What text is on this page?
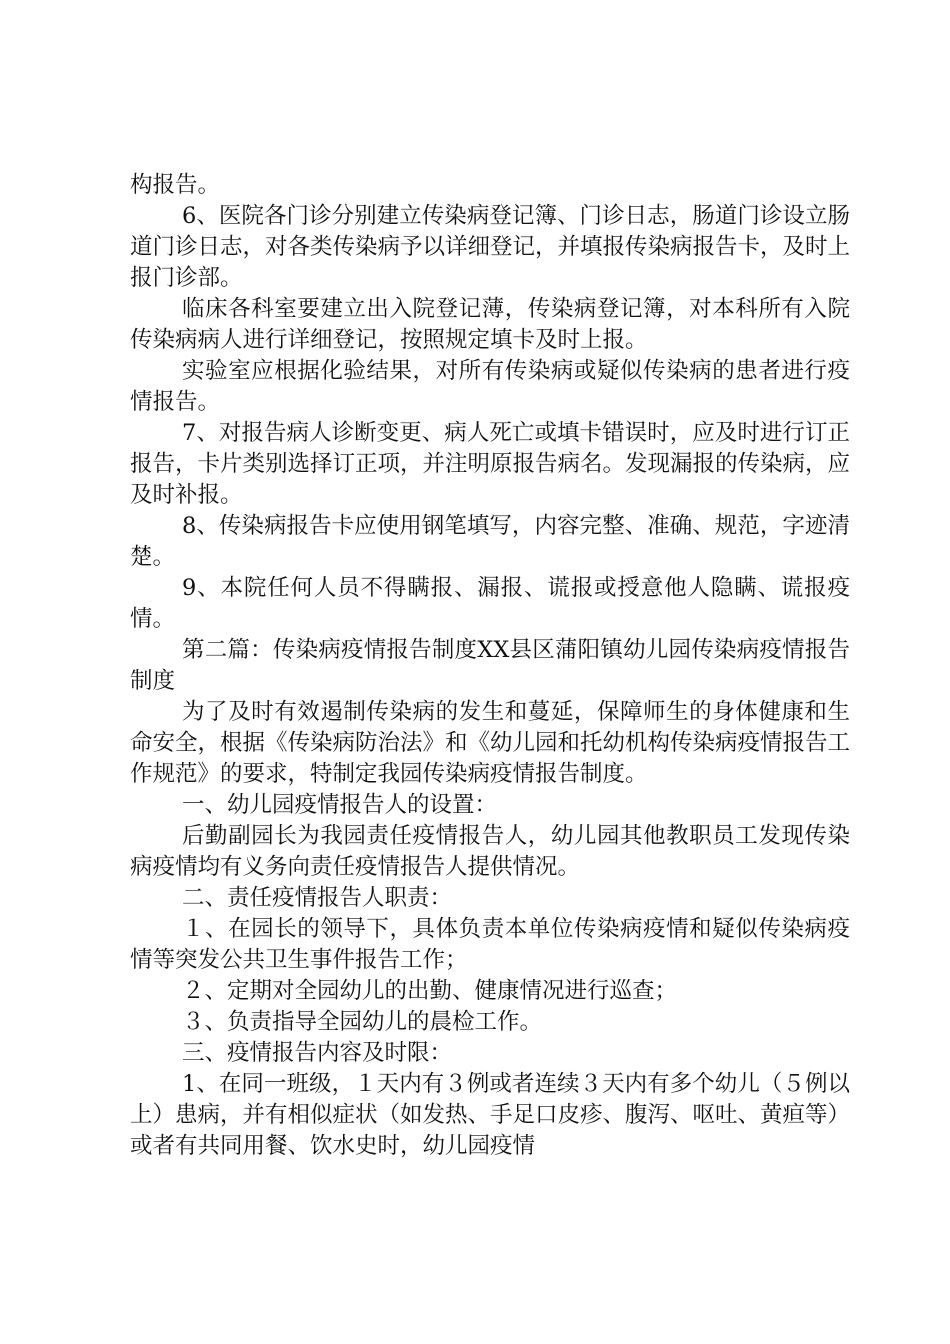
构报告。

6、医院各门诊分别建立传染病登记簿、门诊日志，肠道门诊设立肠道门诊日志，对各类传染病予以详细登记，并填报传染病报告卡，及时上报门诊部。

临床各科室要建立出入院登记薄，传染病登记簿，对本科所有入院传染病病人进行详细登记，按照规定填卡及时上报。

实验室应根据化验结果，对所有传染病或疑似传染病的患者进行疫情报告。

7、对报告病人诊断变更、病人死亡或填卡错误时，应及时进行订正报告，卡片类别选择订正项，并注明原报告病名。发现漏报的传染病，应及时补报。

8、传染病报告卡应使用钢笔填写，内容完整、准确、规范，字迹清楚。

9、本院任何人员不得瞒报、漏报、谎报或授意他人隐瞒、谎报疫情。

第二篇：传染病疫情报告制度XX县区蒲阳镇幼儿园传染病疫情报告制度

为了及时有效遏制传染病的发生和蔓延，保障师生的身体健康和生命安全，根据《传染病防治法》和《幼儿园和托幼机构传染病疫情报告工作规范》的要求，特制定我园传染病疫情报告制度。

一、幼儿园疫情报告人的设置：

后勤副园长为我园责任疫情报告人，幼儿园其他教职员工发现传染病疫情均有义务向责任疫情报告人提供情况。

二、责任疫情报告人职责：

１、在园长的领导下，具体负责本单位传染病疫情和疑似传染病疫情等突发公共卫生事件报告工作；

２、定期对全园幼儿的出勤、健康情况进行巡查；

３、负责指导全园幼儿的晨检工作。

三、疫情报告内容及时限：

1、在同一班级，１天内有３例或者连续３天内有多个幼儿（５例以上）患病，并有相似症状（如发热、手足口皮疹、腹泻、呕吐、黄疸等）或者有共同用餐、饮水史时，幼儿园疫情
